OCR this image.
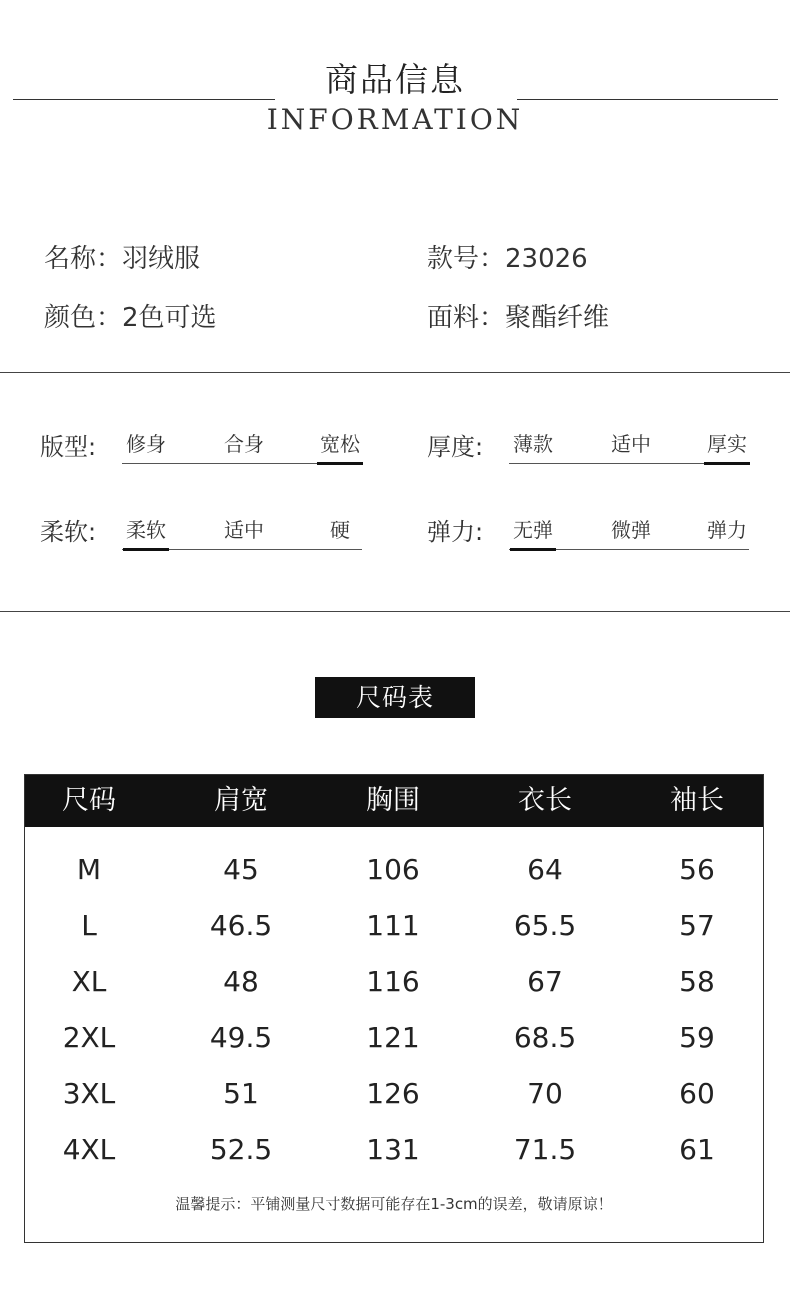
商品信息
INFORMATION
名称：羽绒服	款号：23026
颜色：2色可选	面料：聚酯纤维
版型: 修身	合身	宽松	厚度: 薄款	适中	厚实
柔软: 柔软	适中	硬	弹力: 无弹	微弹	弹力
尺码表
尺码	肩宽	胸围	衣长	袖长
M	45	106	64	56
L	46.5	111	65.5	57
XL	48	116	67	58
2XL	49.5	121	68.5	59
3XL	51	126	70	60
4XL	52.5	131	71.5	61
温馨提示：平铺测量尺寸数据可能存在1-3cm的误差，敬请原谅！
